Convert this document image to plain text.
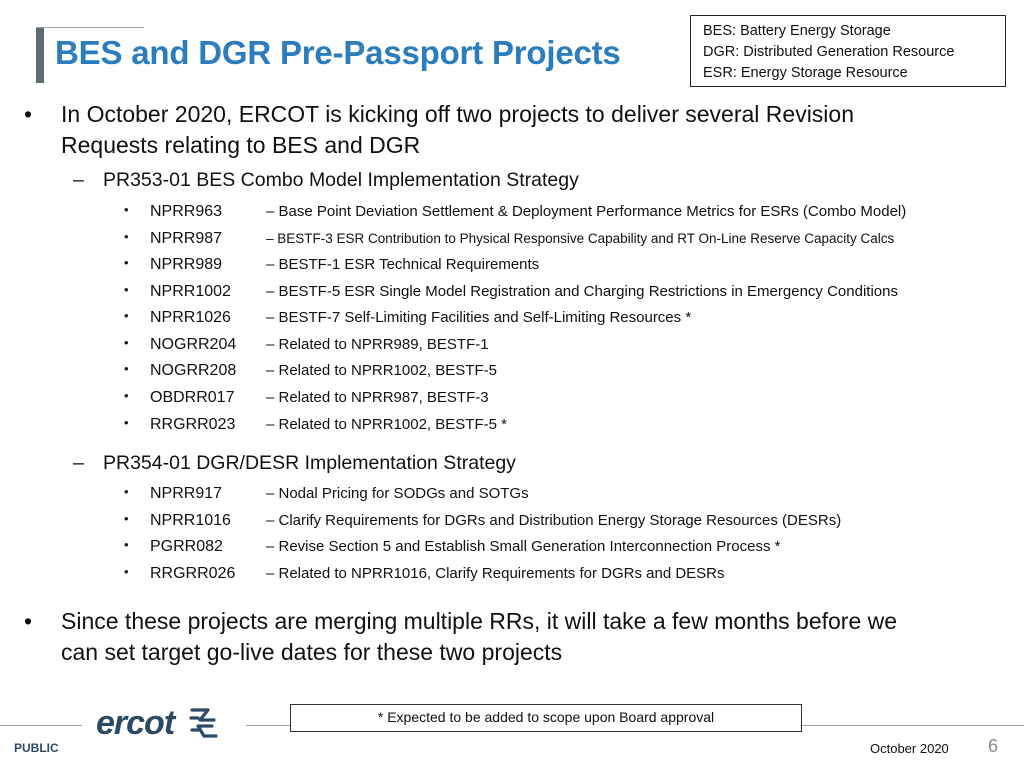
BES and DGR Pre-Passport Projects
BES: Battery Energy Storage
DGR: Distributed Generation Resource
ESR: Energy Storage Resource
• In October 2020, ERCOT is kicking off two projects to deliver several Revision
Requests relating to BES and DGR
– PR353-01 BES Combo Model Implementation Strategy
• NPRR963	– Base Point Deviation Settlement & Deployment Performance Metrics for ESRs (Combo Model)
• NPRR987	– BESTF-3 ESR Contribution to Physical Responsive Capability and RT On-Line Reserve Capacity Calcs
• NPRR989	– BESTF-1 ESR Technical Requirements
• NPRR1002 – BESTF-5 ESR Single Model Registration and Charging Restrictions in Emergency Conditions
• NPRR1026 – BESTF-7 Self-Limiting Facilities and Self-Limiting Resources *
• NOGRR204 – Related to NPRR989, BESTF-1
• NOGRR208 – Related to NPRR1002, BESTF-5
• OBDRR017 – Related to NPRR987, BESTF-3
• RRGRR023 – Related to NPRR1002, BESTF-5 *
– PR354-01 DGR/DESR Implementation Strategy
• NPRR917	– Nodal Pricing for SODGs and SOTGs
• NPRR1016 – Clarify Requirements for DGRs and Distribution Energy Storage Resources (DESRs)
• PGRR082	– Revise Section 5 and Establish Small Generation Interconnection Process *
• RRGRR026 – Related to NPRR1016, Clarify Requirements for DGRs and DESRs
• Since these projects are merging multiple RRs, it will take a few months before we
can set target go-live dates for these two projects
ercot	* Expected to be added to scope upon Board approval
PUBLIC	October 2020 6
